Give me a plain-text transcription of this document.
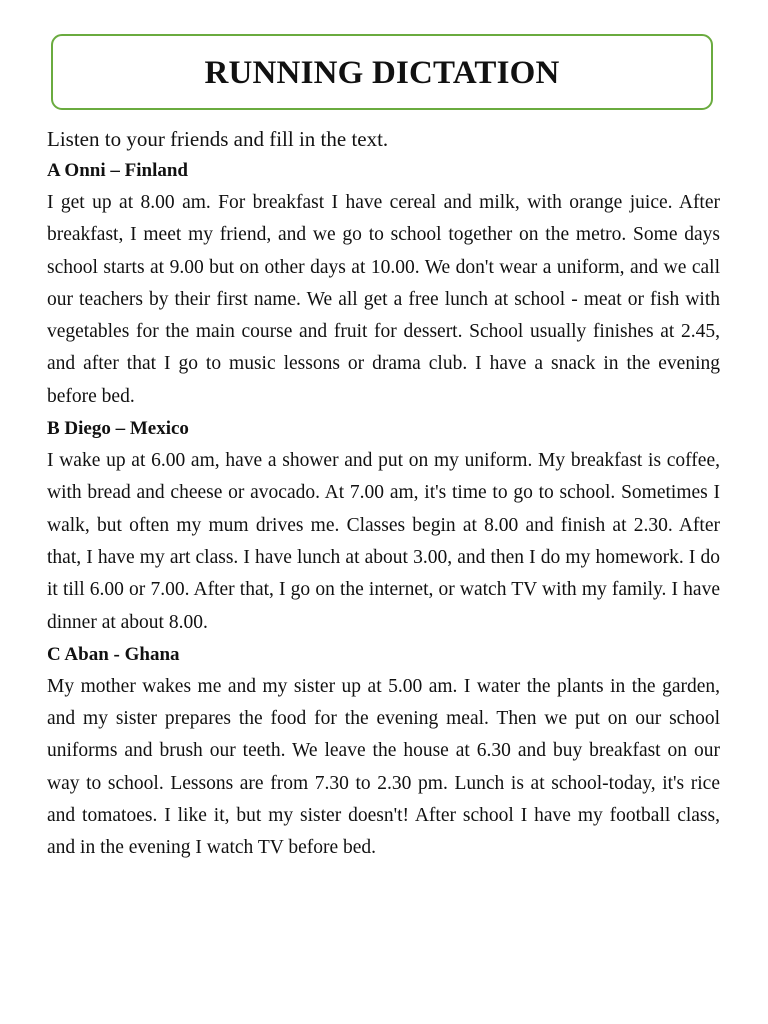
RUNNING DICTATION

Listen to your friends and fill in the text.

A Onni – Finland

I get up at 8.00 am. For breakfast I have cereal and milk, with orange juice. After breakfast, I meet my friend, and we go to school together on the metro. Some days school starts at 9.00 but on other days at 10.00. We don't wear a uniform, and we call our teachers by their first name. We all get a free lunch at school - meat or fish with vegetables for the main course and fruit for dessert. School usually finishes at 2.45, and after that I go to music lessons or drama club. I have a snack in the evening before bed.

B Diego – Mexico

I wake up at 6.00 am, have a shower and put on my uniform. My breakfast is coffee, with bread and cheese or avocado. At 7.00 am, it's time to go to school. Sometimes I walk, but often my mum drives me. Classes begin at 8.00 and finish at 2.30. After that, I have my art class. I have lunch at about 3.00, and then I do my homework. I do it till 6.00 or 7.00. After that, I go on the internet, or watch TV with my family. I have dinner at about 8.00.

C Aban - Ghana

My mother wakes me and my sister up at 5.00 am. I water the plants in the garden, and my sister prepares the food for the evening meal. Then we put on our school uniforms and brush our teeth. We leave the house at 6.30 and buy breakfast on our way to school. Lessons are from 7.30 to 2.30 pm. Lunch is at school-today, it's rice and tomatoes. I like it, but my sister doesn't! After school I have my football class, and in the evening I watch TV before bed.
